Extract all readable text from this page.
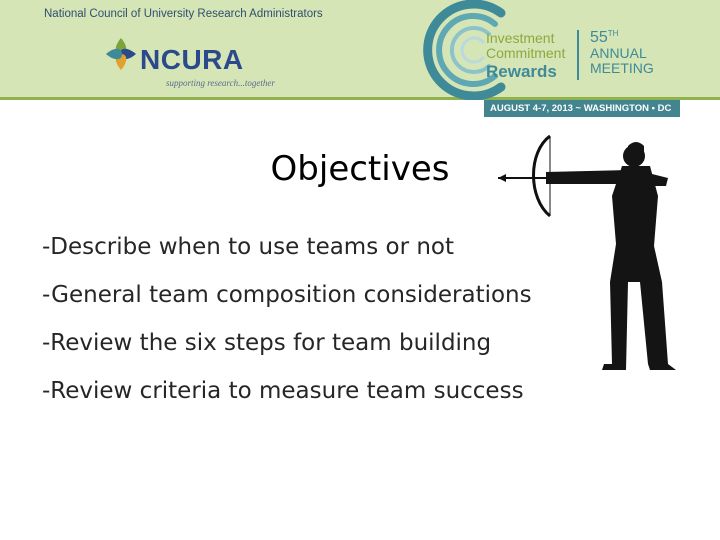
National Council of University Research Administrators
NCURA
supporting research...together
Investment
Commitment
Rewards
55TH
ANNUAL
MEETING
AUGUST 4-7, 2013 ~ WASHINGTON • DC
Objectives
-Describe when to use teams or not
-General team composition considerations
-Review the six steps for team building
-Review criteria to measure team success
